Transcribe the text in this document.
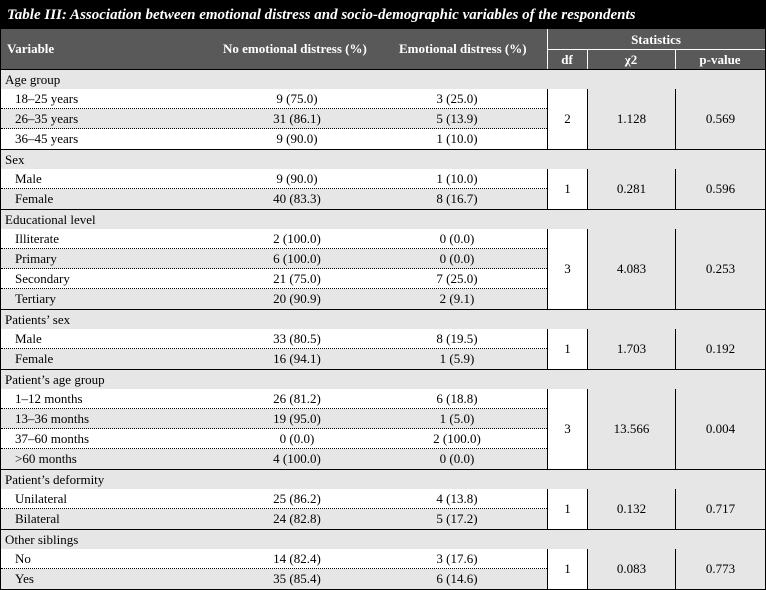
Table III: Association between emotional distress and socio-demographic variables of the respondents
Variable	No emotional distress (%) Emotional distress (%)
Statistics
df	χ2	p-value
Age group
18–25 years	9 (75.0)	3 (25.0)
26–35 years	31 (86.1)	5 (13.9)
36–45 years	9 (90.0)	1 (10.0)
2	1.128	0.569
Sex
Male	9 (90.0)	1 (10.0)
Female	40 (83.3)	8 (16.7)
1	0.281	0.596
Educational level
Illiterate	2 (100.0)	0 (0.0)
Primary	6 (100.0)	0 (0.0)
Secondary	21 (75.0)	7 (25.0)
Tertiary	20 (90.9)	2 (9.1)
3	4.083	0.253
Patients’ sex
Male	33 (80.5)	8 (19.5)
Female	16 (94.1)	1 (5.9)
1	1.703	0.192
Patient’s age group
1–12 months	26 (81.2)	6 (18.8)
13–36 months	19 (95.0)	1 (5.0)
37–60 months	0 (0.0)	2 (100.0)
>60 months	4 (100.0)	0 (0.0)
3	13.566	0.004
Patient’s deformity
Unilateral	25 (86.2)	4 (13.8)
Bilateral	24 (82.8)	5 (17.2)
1	0.132	0.717
Other siblings
No	14 (82.4)	3 (17.6)
Yes	35 (85.4)	6 (14.6)
1	0.083	0.773
